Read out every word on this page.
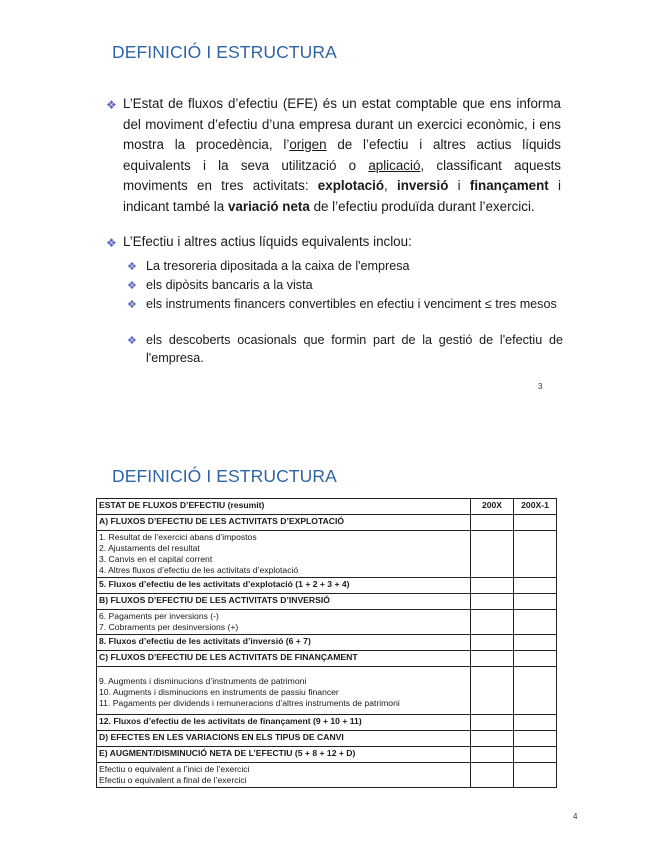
DEFINICIÓ I ESTRUCTURA
❖ L’Estat de fluxos d’efectiu (EFE) és un estat comptable que ens informa del moviment d’efectiu d’una empresa durant un exercici econòmic, i ens mostra la procedència, l’origen de l’efectiu i altres actius líquids equivalents i la seva utilització o aplicació, classificant aquests moviments en tres activitats: explotació, inversió i finançament i indicant també la variació neta de l’efectiu produïda durant l’exercici.
❖ L’Efectiu i altres actius líquids equivalents inclou:
❖ La tresoreria dipositada a la caixa de l'empresa
❖ els dipòsits bancaris a la vista
❖ els instruments financers convertibles en efectiu i venciment ≤ tres mesos
❖ els descoberts ocasionals que formin part de la gestió de l'efectiu de l'empresa.
3
DEFINICIÓ I ESTRUCTURA
ESTAT DE FLUXOS D’EFECTIU (resumit)	200X	200X-1
A) FLUXOS D’EFECTIU DE LES ACTIVITATS D’EXPLOTACIÓ		

1. Resultat de l’exercici abans d’impostos
2. Ajustaments del resultat
3. Canvis en el capital corrent
4. Altres fluxos d’efectiu de les activitats d’explotació		

5. Fluxos d’efectiu de les activitats d’explotació (1 + 2 + 3 + 4)		
B) FLUXOS D’EFECTIU DE LES ACTIVITATS D’INVERSIÓ		

6. Pagaments per inversions (-)
7. Cobraments per desinversions (+)		

8. Fluxos d’efectiu de les activitats d’inversió (6 + 7)		
C) FLUXOS D’EFECTIU DE LES ACTIVITATS DE FINANÇAMENT		

9. Augments i disminucions d’instruments de patrimoni
10. Augments i disminucions en instruments de passiu financer
11. Pagaments per dividends i remuneracions d’altres instruments de patrimoni		

12. Fluxos d’efectiu de les activitats de finançament (9 + 10 + 11)		
D) EFECTES EN LES VARIACIONS EN ELS TIPUS DE CANVI		
E) AUGMENT/DISMINUCIÓ NETA DE L’EFECTIU (5 + 8 + 12 + D)		

Efectiu o equivalent a l’inici de l’exercici
Efectiu o equivalent a final de l’exercici		

4
